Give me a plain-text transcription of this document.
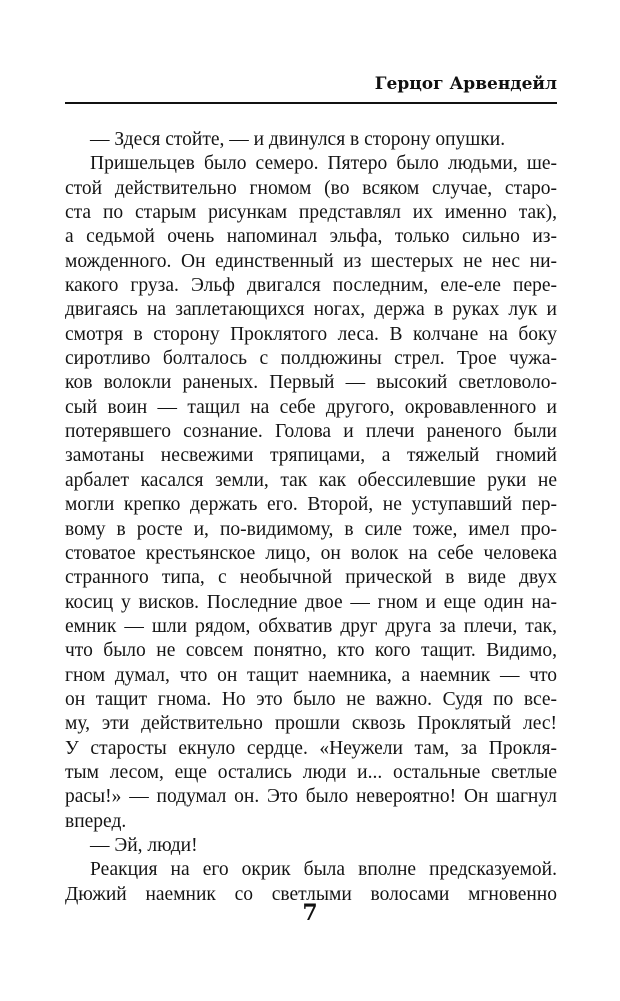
Герцог Арвендейл
— Здеся стойте, — и двинулся в сторону опушки.
Пришельцев было семеро. Пятеро было людьми, ше-
стой действительно гномом (во всяком случае, старо-
ста по старым рисункам представлял их именно так),
а седьмой очень напоминал эльфа, только сильно из-
можденного. Он единственный из шестерых не нес ни-
какого груза. Эльф двигался последним, еле-еле пере-
двигаясь на заплетающихся ногах, держа в руках лук и
смотря в сторону Проклятого леса. В колчане на боку
сиротливо болталось с полдюжины стрел. Трое чужа-
ков волокли раненых. Первый — высокий светловоло-
сый воин — тащил на себе другого, окровавленного и
потерявшего сознание. Голова и плечи раненого были
замотаны несвежими тряпицами, а тяжелый гномий
арбалет касался земли, так как обессилевшие руки не
могли крепко держать его. Второй, не уступавший пер-
вому в росте и, по-видимому, в силе тоже, имел про-
стоватое крестьянское лицо, он волок на себе человека
странного типа, с необычной прической в виде двух
косиц у висков. Последние двое — гном и еще один на-
емник — шли рядом, обхватив друг друга за плечи, так,
что было не совсем понятно, кто кого тащит. Видимо,
гном думал, что он тащит наемника, а наемник — что
он тащит гнома. Но это было не важно. Судя по все-
му, эти действительно прошли сквозь Проклятый лес!
У старосты екнуло сердце. «Неужели там, за Прокля-
тым лесом, еще остались люди и... остальные светлые
расы!» — подумал он. Это было невероятно! Он шагнул
вперед.
— Эй, люди!
Реакция на его окрик была вполне предсказуемой.
Дюжий наемник со светлыми волосами мгновенно
7
